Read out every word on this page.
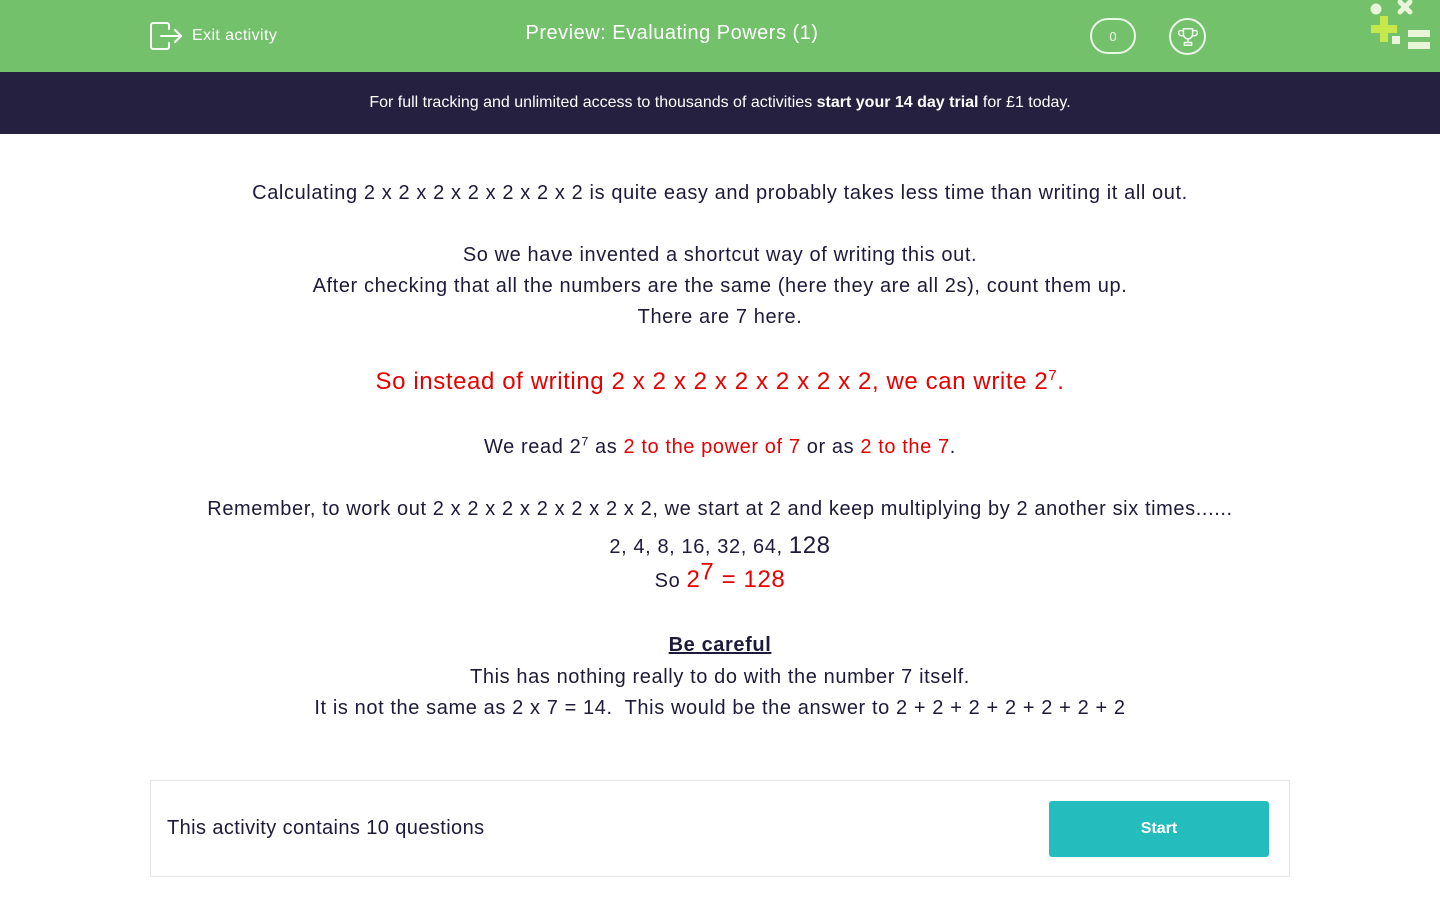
Exit activity	Preview: Evaluating Powers (1)	0
For full tracking and unlimited access to thousands of activities start your 14 day trial for £1 today.
Calculating 2 x 2 x 2 x 2 x 2 x 2 x 2 is quite easy and probably takes less time than writing it all out.
So we have invented a shortcut way of writing this out.
After checking that all the numbers are the same (here they are all 2s), count them up.
There are 7 here.
So instead of writing 2 x 2 x 2 x 2 x 2 x 2 x 2, we can write $2^7$.
We read $2^7$ as 2 to the power of 7 or as 2 to the 7.
Remember, to work out 2 x 2 x 2 x 2 x 2 x 2 x 2, we start at 2 and keep multiplying by 2 another six times......
2, 4, 8, 16, 32, 64, 128
So $2^7 = 128$
Be careful
This has nothing really to do with the number 7 itself.
It is not the same as 2 x 7 = 14.  This would be the answer to 2 + 2 + 2 + 2 + 2 + 2 + 2
This activity contains 10 questions	Start
